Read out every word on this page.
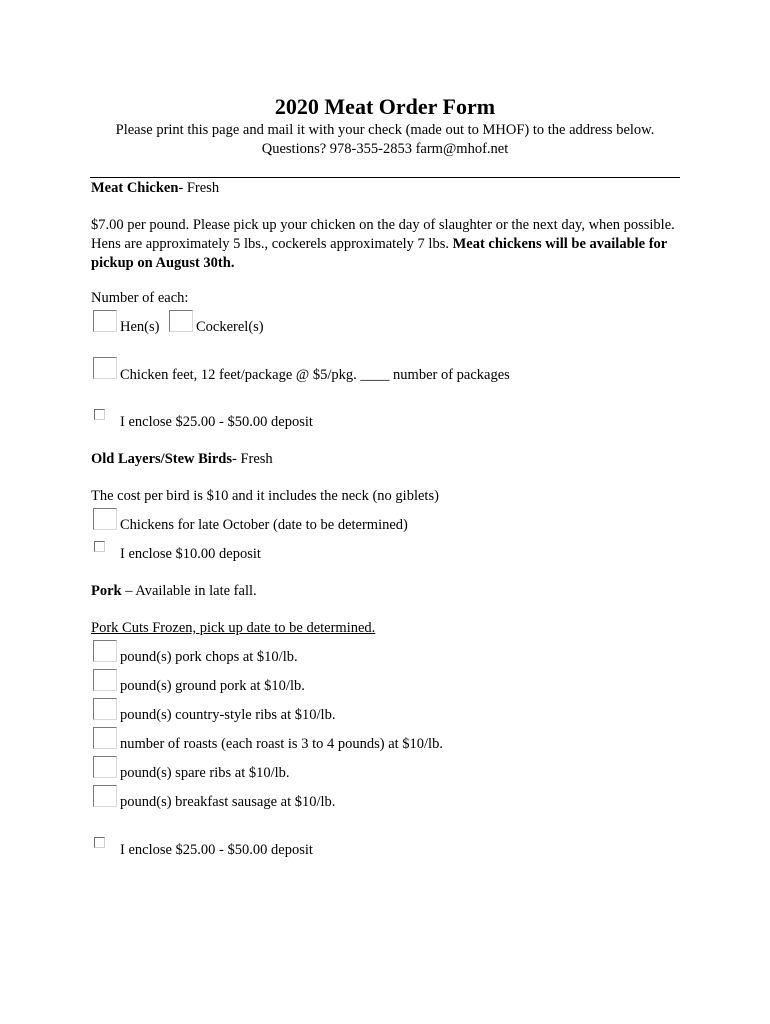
2020 Meat Order Form
Please print this page and mail it with your check (made out to MHOF) to the address below.
Questions? 978-355-2853 farm@mhof.net
Meat Chicken- Fresh
$7.00 per pound. Please pick up your chicken on the day of slaughter or the next day, when possible. Hens are approximately 5 lbs., cockerels approximately 7 lbs. Meat chickens will be available for pickup on August 30th.
Number of each:
Hen(s)	Cockerel(s)
Chicken feet, 12 feet/package @ $5/pkg. ____ number of packages
I enclose $25.00 - $50.00 deposit
Old Layers/Stew Birds- Fresh
The cost per bird is $10 and it includes the neck (no giblets)
Chickens for late October (date to be determined)
I enclose $10.00 deposit
Pork – Available in late fall.
Pork Cuts Frozen, pick up date to be determined.
pound(s) pork chops at $10/lb.
pound(s) ground pork at $10/lb.
pound(s) country-style ribs at $10/lb.
number of roasts (each roast is 3 to 4 pounds) at $10/lb.
pound(s) spare ribs at $10/lb.
pound(s) breakfast sausage at $10/lb.
I enclose $25.00 - $50.00 deposit
